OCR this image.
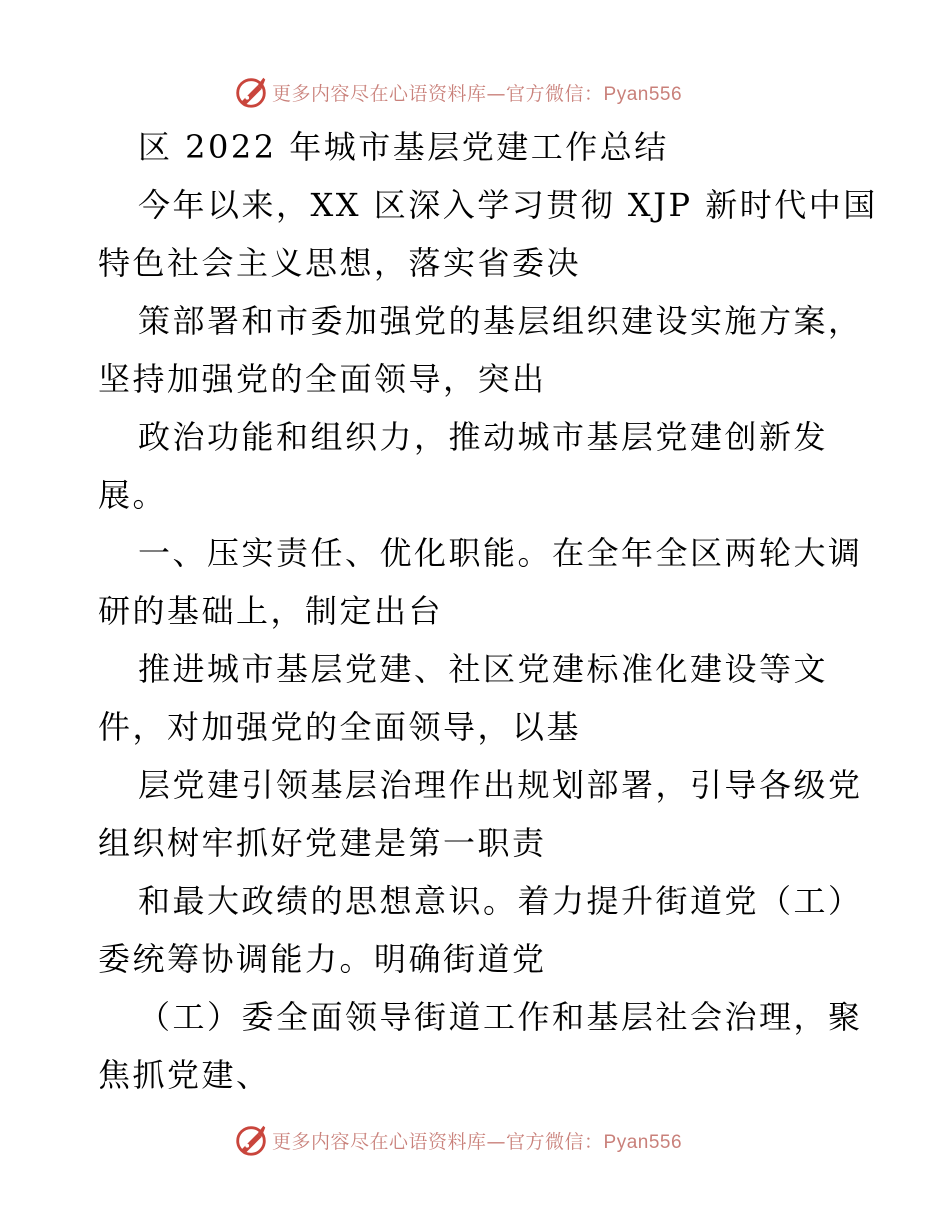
更多内容尽在心语资料库—官方微信：Pyan556
区 2022 年城市基层党建工作总结
今年以来，XX 区深入学习贯彻 XJP 新时代中国
特色社会主义思想，落实省委决
策部署和市委加强党的基层组织建设实施方案，
坚持加强党的全面领导，突出
政治功能和组织力，推动城市基层党建创新发
展。
一、压实责任、优化职能。在全年全区两轮大调
研的基础上，制定出台
推进城市基层党建、社区党建标准化建设等文
件，对加强党的全面领导，以基
层党建引领基层治理作出规划部署，引导各级党
组织树牢抓好党建是第一职责
和最大政绩的思想意识。着力提升街道党（工）
委统筹协调能力。明确街道党
（工）委全面领导街道工作和基层社会治理，聚
焦抓党建、
更多内容尽在心语资料库—官方微信：Pyan556
